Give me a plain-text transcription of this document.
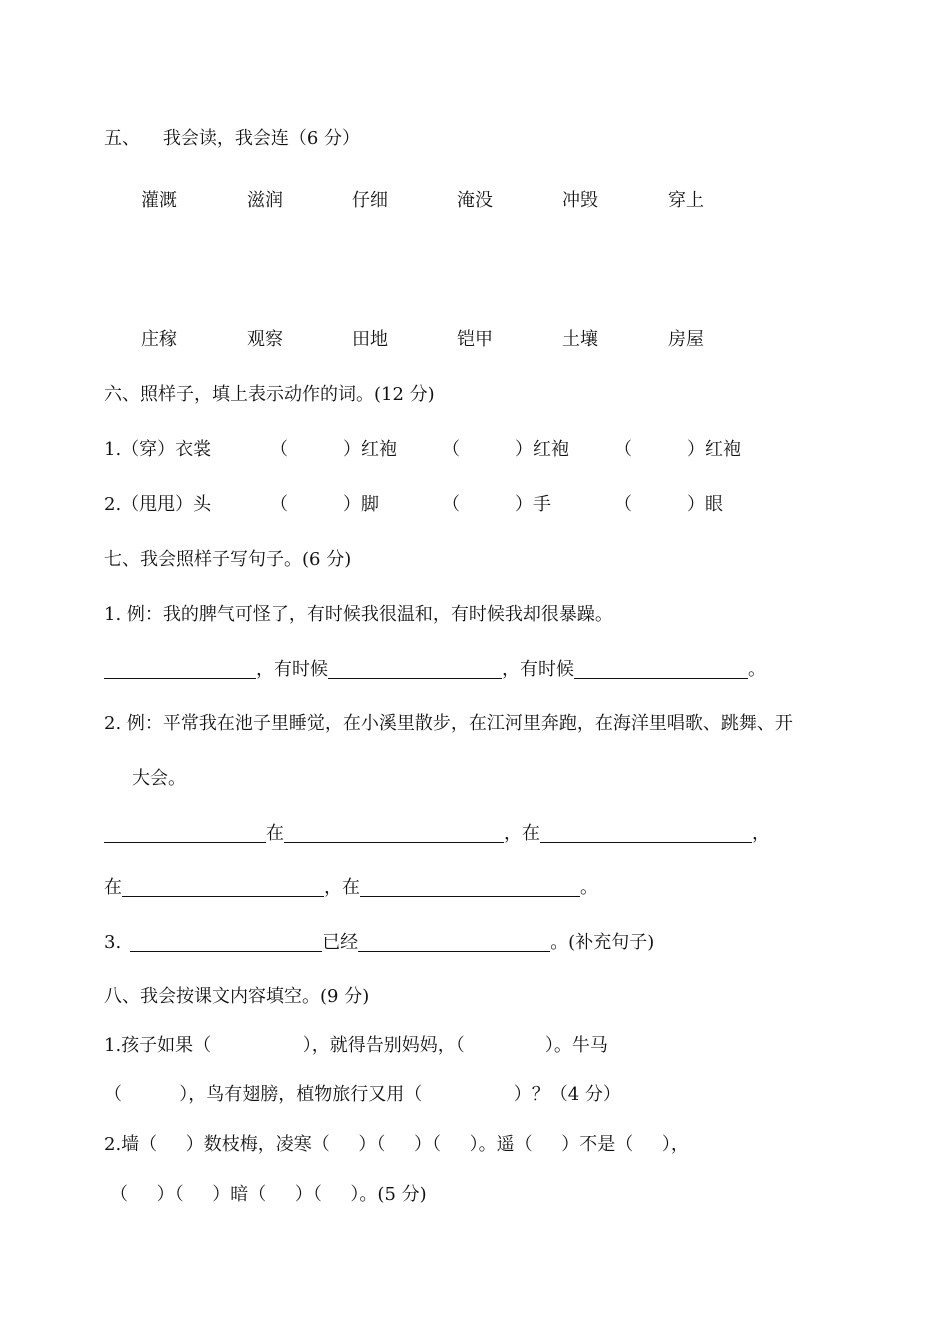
五、    我会读，我会连（6 分）
灌溉	滋润	仔细	淹没	冲毁	穿上
庄稼	观察	田地	铠甲	土壤	房屋
六、照样子，填上表示动作的词。(12 分)
1.（穿）衣裳	（	）红袍	（	）红袍	（	）红袍
2.（甩甩）头	（	）脚	（	）手	（	）眼
七、我会照样子写句子。(6 分)
1. 例：我的脾气可怪了，有时候我很温和，有时候我却很暴躁。
，有时候	，有时候	。
2. 例：平常我在池子里睡觉，在小溪里散步，在江河里奔跑，在海洋里唱歌、跳舞、开
大会。
在	，在	，
在	，在	。
3.	已经	。(补充句子)
八、我会按课文内容填空。(9 分)
1.孩子如果（                ），就得告别妈妈，（              ）。牛马
（          ），鸟有翅膀，植物旅行又用（                ）？（4 分）
2.墙（     ）数枝梅，凌寒（     ）（     ）（     ）。遥（     ）不是（     ），
（     ）（     ）暗（     ）（     ）。(5 分)
